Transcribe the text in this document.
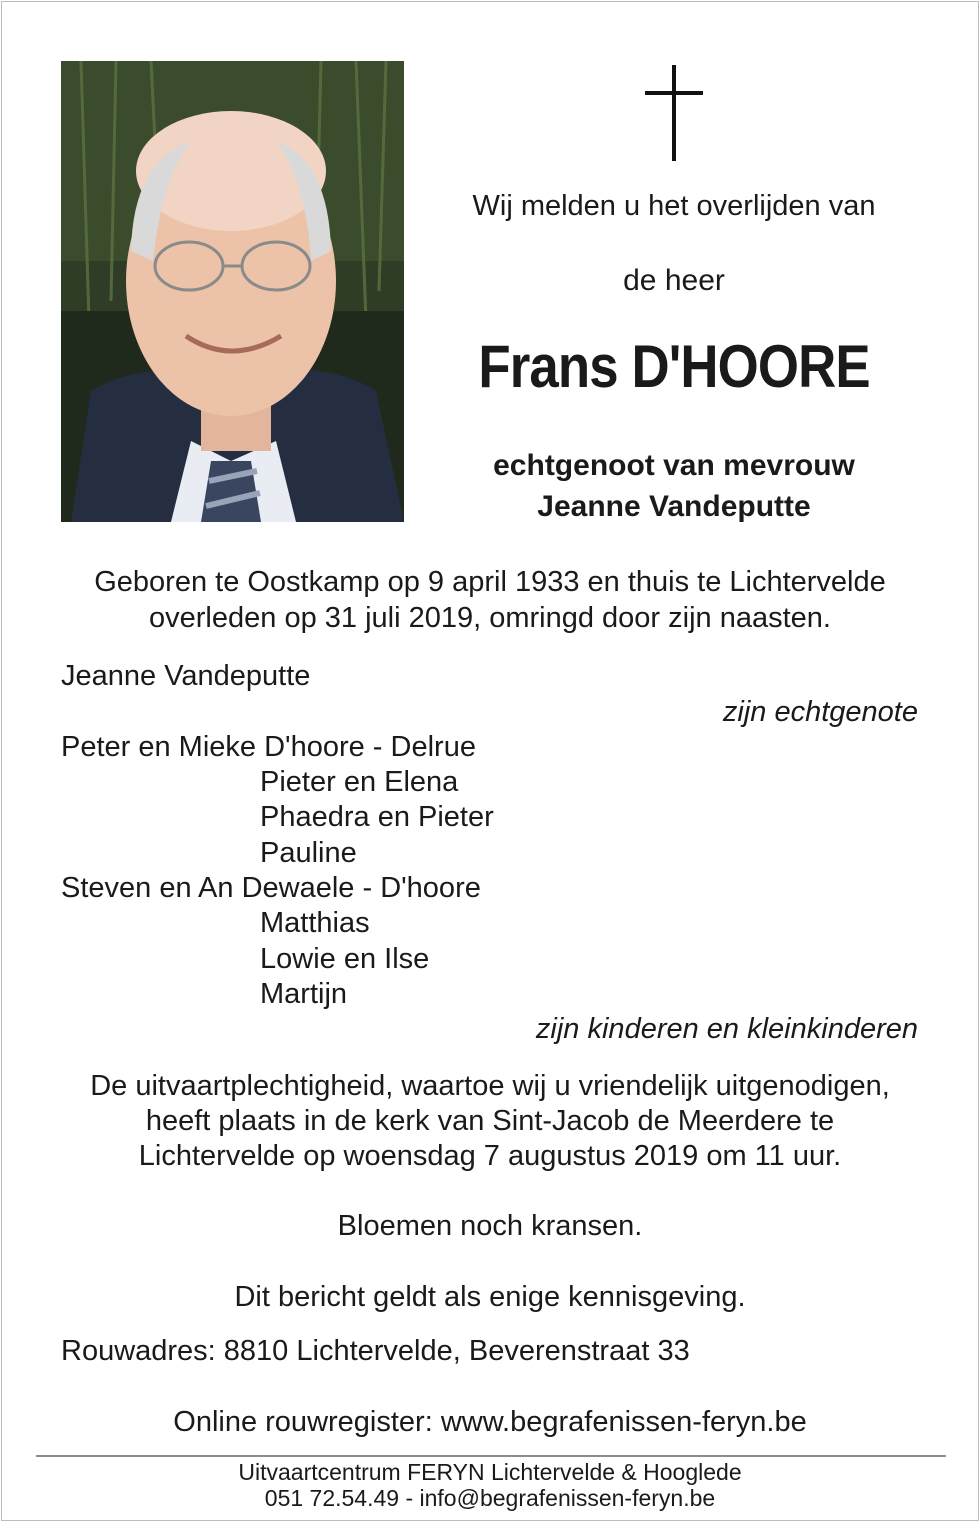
Wij melden u het overlijden van
de heer
Frans D'HOORE
echtgenoot van mevrouw
Jeanne Vandeputte
Geboren te Oostkamp op 9 april 1933 en thuis te Lichtervelde
overleden op 31 juli 2019, omringd door zijn naasten.
Jeanne Vandeputte
zijn echtgenote
Peter en Mieke D'hoore - Delrue
Pieter en Elena
Phaedra en Pieter
Pauline
Steven en An Dewaele - D'hoore
Matthias
Lowie en Ilse
Martijn
zijn kinderen en kleinkinderen
De uitvaartplechtigheid, waartoe wij u vriendelijk uitgenodigen,
heeft plaats in de kerk van Sint-Jacob de Meerdere te
Lichtervelde op woensdag 7 augustus 2019 om 11 uur.
Bloemen noch kransen.
Dit bericht geldt als enige kennisgeving.
Rouwadres: 8810 Lichtervelde, Beverenstraat 33
Online rouwregister: www.begrafenissen-feryn.be
Uitvaartcentrum FERYN Lichtervelde & Hooglede
051 72.54.49 - info@begrafenissen-feryn.be
